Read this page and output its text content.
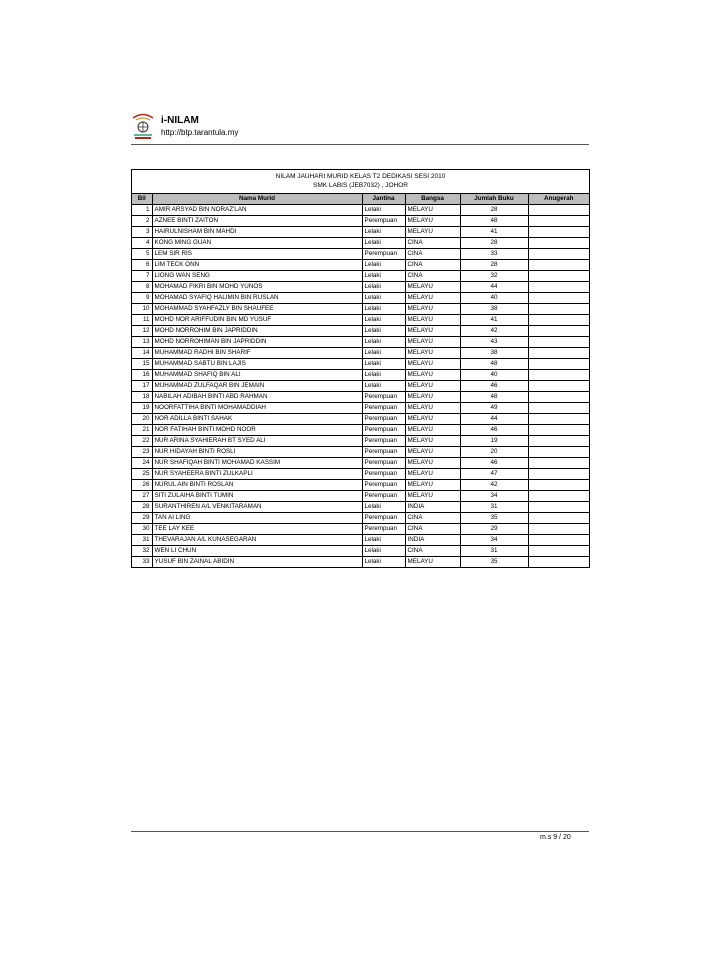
i-NILAM
http://btp.tarantula.my
NILAM JAUHARI MURID KELAS T2 DEDIKASI SESI 2010
SMK LABIS (JEB7032) , JOHOR
Bil	Nama Murid	Jantina	Bangsa	Jumlah Buku	Anugerah
1	AMIR ARSYAD BIN NORAZ'LAN	Lelaki	MELAYU	28	
2	AZNEE BINTI ZAITON	Perempuan	MELAYU	48	
3	HAIRULNISHAM BIN MAHDI	Lelaki	MELAYU	41	
4	KONG MING GUAN	Lelaki	CINA	28	
5	LEM SIR RIS	Perempuan	CINA	33	
6	LIM TECK ONN	Lelaki	CINA	28	
7	LIONG WAN SENG	Lelaki	CINA	32	
8	MOHAMAD FIKRI BIN MOHD YUNOS	Lelaki	MELAYU	44	
9	MOHAMAD SYAFIQ HALIMIN BIN RUSLAN	Lelaki	MELAYU	40	
10	MOHAMMAD SYAHFAZLY BIN SHAUFEE	Lelaki	MELAYU	38	
11	MOHD NOR ARIFFUDIN BIN MD YUSUF	Lelaki	MELAYU	41	
12	MOHD NORROHIM BIN JAPRIDDIN	Lelaki	MELAYU	42	
13	MOHD NORROHIMAN BIN JAPRIDDIN	Lelaki	MELAYU	43	
14	MUHAMMAD RADHI BIN SHARIF	Lelaki	MELAYU	38	
15	MUHAMMAD SABTU BIN LAJIS	Lelaki	MELAYU	48	
16	MUHAMMAD SHAFIQ BIN ALI	Lelaki	MELAYU	40	
17	MUHAMMAD ZULFAQAR BIN JEMAIN	Lelaki	MELAYU	46	
18	NABILAH ADIBAH BINTI ABD RAHMAN	Perempuan	MELAYU	48	
19	NOORFATTIHA BINTI MOHAMADDIAH	Perempuan	MELAYU	49	
20	NOR ADILLA BINTI SAHAK	Perempuan	MELAYU	44	
21	NOR FATIHAH BINTI MOHD NOOR	Perempuan	MELAYU	46	
22	NUR ARINA SYAHIERAH BT SYED ALI	Perempuan	MELAYU	19	
23	NUR HIDAYAH BINTI ROSLI	Perempuan	MELAYU	20	
24	NUR SHAFIQAH BINTI MOHAMAD KASSIM	Perempuan	MELAYU	46	
25	NUR SYAHEERA BINTI ZULKAPLI	Perempuan	MELAYU	47	
26	NURUL AIN BINTI ROSLAN	Perempuan	MELAYU	42	
27	SITI ZULAIHA BINTI TUMIN	Perempuan	MELAYU	34	
28	SURANTHIREN A/L VENKITARAMAN	Lelaki	INDIA	31	
29	TAN AI LING	Perempuan	CINA	35	
30	TEE LAY KEE	Perempuan	CINA	29	
31	THEVARAJAN A/L KUNASEGARAN	Lelaki	INDIA	34	
32	WEN LI CHUN	Lelaki	CINA	31	
33	YUSUF BIN ZAINAL ABIDIN	Lelaki	MELAYU	35	
m.s 9 / 20
